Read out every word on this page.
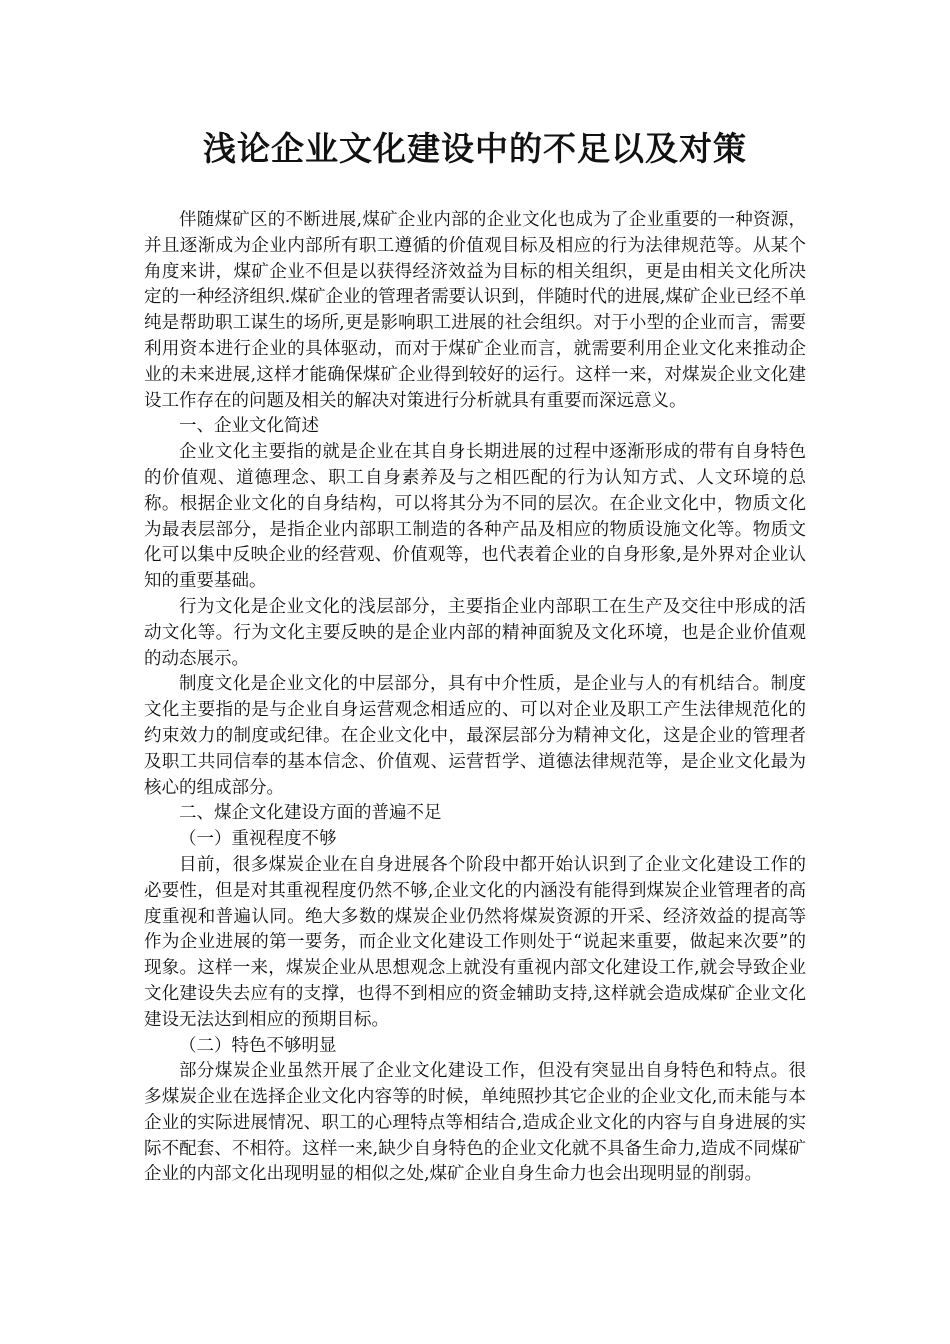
浅论企业文化建设中的不足以及对策

伴随煤矿区的不断进展,煤矿企业内部的企业文化也成为了企业重要的一种资源，并且逐渐成为企业内部所有职工遵循的价值观目标及相应的行为法律规范等。从某个角度来讲，煤矿企业不但是以获得经济效益为目标的相关组织，更是由相关文化所决定的一种经济组织.煤矿企业的管理者需要认识到，伴随时代的进展,煤矿企业已经不单纯是帮助职工谋生的场所,更是影响职工进展的社会组织。对于小型的企业而言，需要利用资本进行企业的具体驱动，而对于煤矿企业而言，就需要利用企业文化来推动企业的未来进展,这样才能确保煤矿企业得到较好的运行。这样一来，对煤炭企业文化建设工作存在的问题及相关的解决对策进行分析就具有重要而深远意义。

一、企业文化简述

企业文化主要指的就是企业在其自身长期进展的过程中逐渐形成的带有自身特色的价值观、道德理念、职工自身素养及与之相匹配的行为认知方式、人文环境的总称。根据企业文化的自身结构，可以将其分为不同的层次。在企业文化中，物质文化为最表层部分，是指企业内部职工制造的各种产品及相应的物质设施文化等。物质文化可以集中反映企业的经营观、价值观等，也代表着企业的自身形象,是外界对企业认知的重要基础。

行为文化是企业文化的浅层部分，主要指企业内部职工在生产及交往中形成的活动文化等。行为文化主要反映的是企业内部的精神面貌及文化环境，也是企业价值观的动态展示。

制度文化是企业文化的中层部分，具有中介性质，是企业与人的有机结合。制度文化主要指的是与企业自身运营观念相适应的、可以对企业及职工产生法律规范化的约束效力的制度或纪律。在企业文化中，最深层部分为精神文化，这是企业的管理者及职工共同信奉的基本信念、价值观、运营哲学、道德法律规范等，是企业文化最为核心的组成部分。

二、煤企文化建设方面的普遍不足

（一）重视程度不够

目前，很多煤炭企业在自身进展各个阶段中都开始认识到了企业文化建设工作的必要性，但是对其重视程度仍然不够,企业文化的内涵没有能得到煤炭企业管理者的高度重视和普遍认同。绝大多数的煤炭企业仍然将煤炭资源的开采、经济效益的提高等作为企业进展的第一要务，而企业文化建设工作则处于“说起来重要，做起来次要”的现象。这样一来，煤炭企业从思想观念上就没有重视内部文化建设工作,就会导致企业文化建设失去应有的支撑，也得不到相应的资金辅助支持,这样就会造成煤矿企业文化建设无法达到相应的预期目标。

（二）特色不够明显

部分煤炭企业虽然开展了企业文化建设工作，但没有突显出自身特色和特点。很多煤炭企业在选择企业文化内容等的时候，单纯照抄其它企业的企业文化,而未能与本企业的实际进展情况、职工的心理特点等相结合,造成企业文化的内容与自身进展的实际不配套、不相符。这样一来,缺少自身特色的企业文化就不具备生命力,造成不同煤矿企业的内部文化出现明显的相似之处,煤矿企业自身生命力也会出现明显的削弱。
